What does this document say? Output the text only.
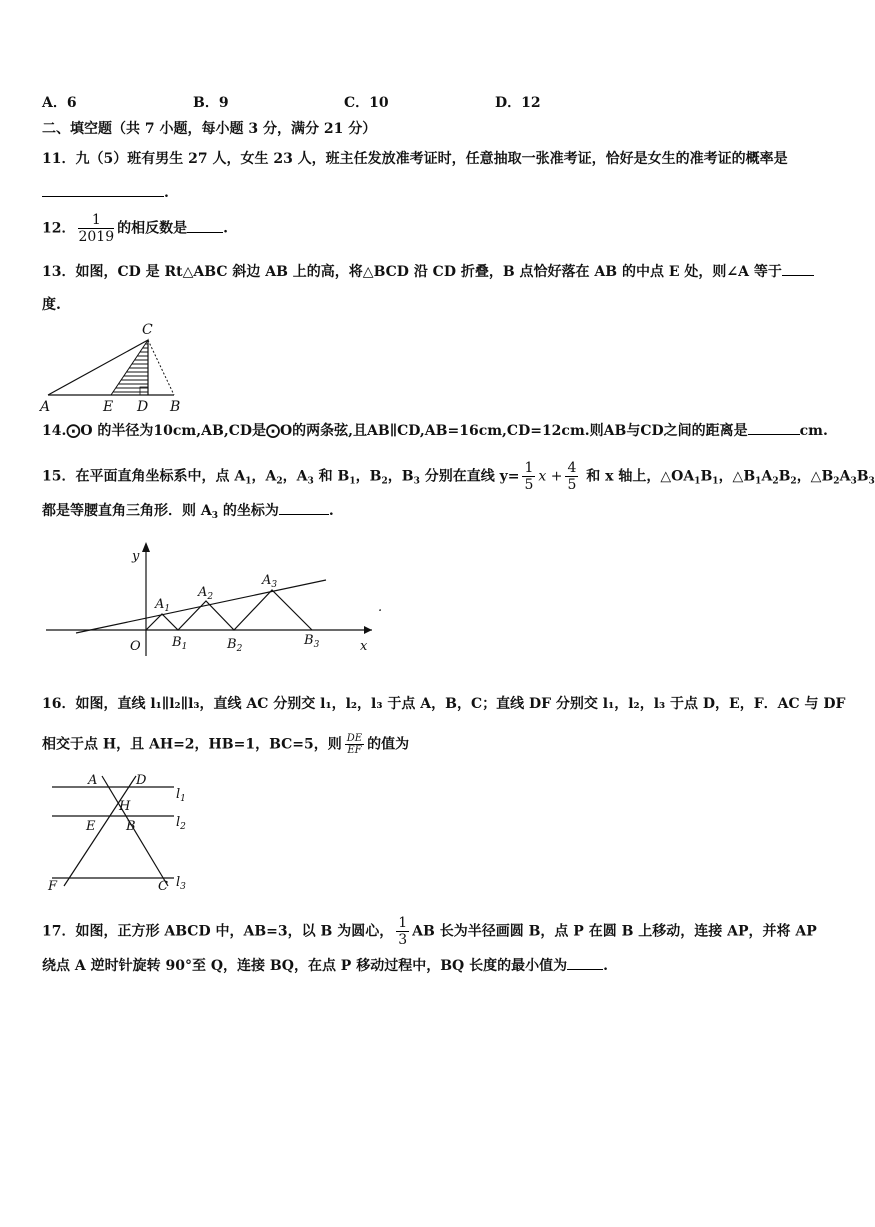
A．6	B．9	C．10	D．12
二、填空题（共 7 小题，每小题 3 分，满分 21 分）
11．九（5）班有男生 27 人，女生 23 人，班主任发放准考证时，任意抽取一张准考证，恰好是女生的准考证的概率是
.
12． $\frac{1}{2019}$ 的相反数是	.
13．如图，CD 是 Rt△ABC 斜边 AB 上的高，将△BCD 沿 CD 折叠，B 点恰好落在 AB 的中点 E 处，则∠A 等于
度.
C
A	E D B
14.⨀O 的半径为10cm,AB,CD是⨀O的两条弦,且AB∥CD,AB=16cm,CD=12cm.则AB与CD之间的距离是	cm.
15．在平面直角坐标系中，点 $A_1$，$A_2$，$A_3$ 和 $B_1$，$B_2$，$B_3$ 分别在直线 $y= \frac{1}{5}$ $x + \frac{4}{5}$ 和 x 轴上，$\triangle OA_1B_1$，$\triangle B_1A_2B_2$，$\triangle B_2A_3B_3$
都是等腰直角三角形．则 $A_3$ 的坐标为	.
y
x
O
$A_1$
$A_2$
$A_3$
$B_1$	$B_2$
$B_3$
.
16．如图，直线 l₁∥l₂∥l₃，直线 AC 分别交 l₁，l₂，l₃ 于点 A，B，C；直线 DF 分别交 l₁，l₂，l₃ 于点 D，E，F．AC 与 DF
相交于点 H，且 AH=2，HB=1，BC=5，则 $\frac{DE}{EF}$ 的值为
A	D
H
E B
F	C
$l_1$
$l_2$
$l_3$
17．如图，正方形 ABCD 中，AB=3，以 B 为圆心， $\frac{1}{3}$ AB 长为半径画圆 B，点 P 在圆 B 上移动，连接 AP，并将 AP
绕点 A 逆时针旋转 90°至 Q，连接 BQ，在点 P 移动过程中，BQ 长度的最小值为	.
